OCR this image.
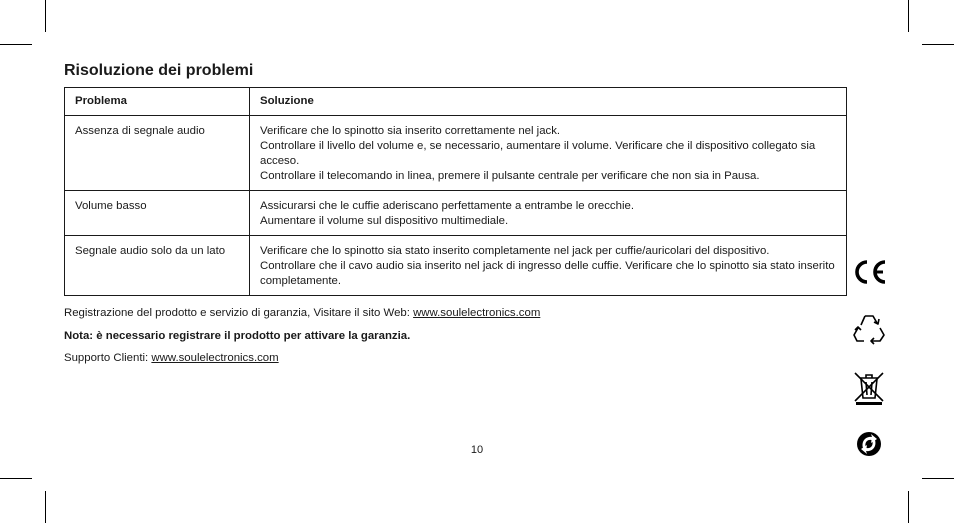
Risoluzione dei problemi
Problema	Soluzione
Assenza di segnale audio	Verificare che lo spinotto sia inserito correttamente nel jack.
Controllare il livello del volume e, se necessario, aumentare il volume. Verificare che il dispositivo collegato sia acceso.
Controllare il telecomando in linea, premere il pulsante centrale per verificare che non sia in Pausa.

Volume basso	Assicurarsi che le cuffie aderiscano perfettamente a entrambe le orecchie.
Aumentare il volume sul dispositivo multimediale.

Segnale audio solo da un lato	Verificare che lo spinotto sia stato inserito completamente nel jack per cuffie/auricolari del dispositivo.
Controllare che il cavo audio sia inserito nel jack di ingresso delle cuffie. Verificare che lo spinotto sia stato inserito completamente.
Registrazione del prodotto e servizio di garanzia, Visitare il sito Web: www.soulelectronics.com
Nota: è necessario registrare il prodotto per attivare la garanzia.
Supporto Clienti: www.soulelectronics.com
10
